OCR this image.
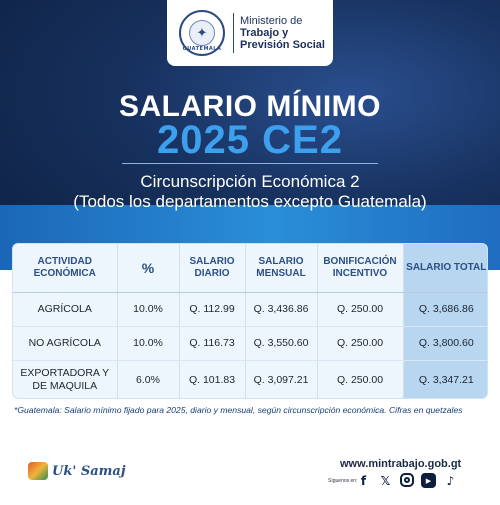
✦
GUATEMALA
Ministerio de
Trabajo y
Previsión Social
SALARIO MÍNIMO
2025 CE2
Circunscripción Económica 2
(Todos los departamentos excepto Guatemala)
ACTIVIDAD ECONÓMICA	%	SALARIO DIARIO	SALARIO MENSUAL	BONIFICACIÓN INCENTIVO	SALARIO TOTAL
AGRÍCOLA	10.0%	Q. 112.99	Q. 3,436.86	Q. 250.00	Q. 3,686.86
NO AGRÍCOLA	10.0%	Q. 116.73	Q. 3,550.60	Q. 250.00	Q. 3,800.60
EXPORTADORA Y DE MAQUILA	6.0%	Q. 101.83	Q. 3,097.21	Q. 250.00	Q. 3,347.21
*Guatemala: Salario mínimo fijado para 2025, diario y mensual, según circunscripción económica. Cifras en quetzales
Uk' Samaj	www.mintrabajo.gob.gt
Síguenos en: f	𝕏	▶	♪
